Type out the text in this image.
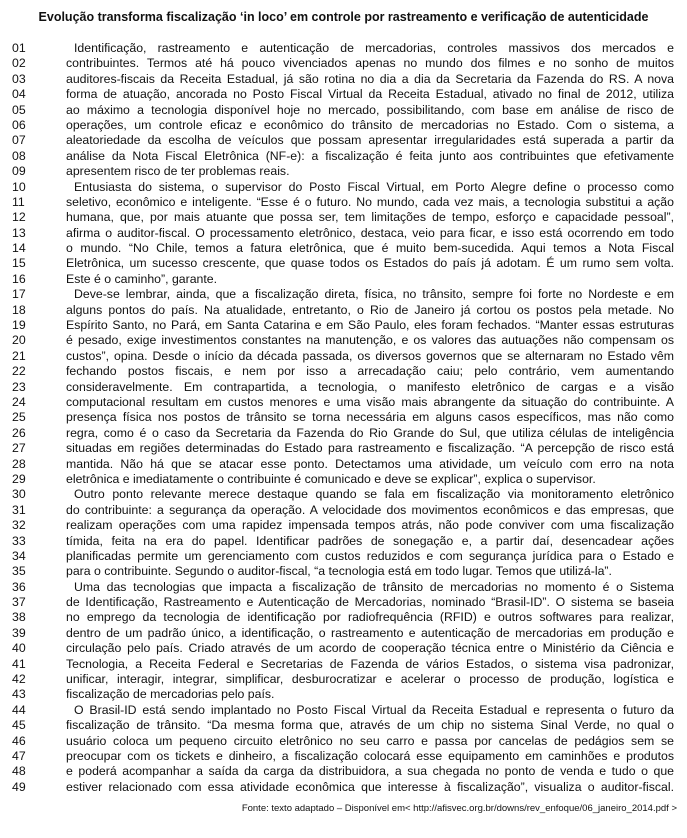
Evolução transforma fiscalização ‘in loco’ em controle por rastreamento e verificação de autenticidade
01	Identificação, rastreamento e autenticação de mercadorias, controles massivos dos mercados e
02	contribuintes. Termos até há pouco vivenciados apenas no mundo dos filmes e no sonho de muitos
03	auditores-fiscais da Receita Estadual, já são rotina no dia a dia da Secretaria da Fazenda do RS. A nova
04	forma de atuação, ancorada no Posto Fiscal Virtual da Receita Estadual, ativado no final de 2012, utiliza
05	ao máximo a tecnologia disponível hoje no mercado, possibilitando, com base em análise de risco de
06	operações, um controle eficaz e econômico do trânsito de mercadorias no Estado. Com o sistema, a
07	aleatoriedade da escolha de veículos que possam apresentar irregularidades está superada a partir da
08	análise da Nota Fiscal Eletrônica (NF-e): a fiscalização é feita junto aos contribuintes que efetivamente
09	apresentem risco de ter problemas reais.
10	Entusiasta do sistema, o supervisor do Posto Fiscal Virtual, em Porto Alegre define o processo como
11	seletivo, econômico e inteligente. “Esse é o futuro. No mundo, cada vez mais, a tecnologia substitui a ação
12	humana, que, por mais atuante que possa ser, tem limitações de tempo, esforço e capacidade pessoal”,
13	afirma o auditor-fiscal. O processamento eletrônico, destaca, veio para ficar, e isso está ocorrendo em todo
14	o mundo. “No Chile, temos a fatura eletrônica, que é muito bem-sucedida. Aqui temos a Nota Fiscal
15	Eletrônica, um sucesso crescente, que quase todos os Estados do país já adotam. É um rumo sem volta.
16	Este é o caminho”, garante.
17	Deve-se lembrar, ainda, que a fiscalização direta, física, no trânsito, sempre foi forte no Nordeste e em
18	alguns pontos do país. Na atualidade, entretanto, o Rio de Janeiro já cortou os postos pela metade. No
19	Espírito Santo, no Pará, em Santa Catarina e em São Paulo, eles foram fechados. “Manter essas estruturas
20	é pesado, exige investimentos constantes na manutenção, e os valores das autuações não compensam os
21	custos”, opina. Desde o início da década passada, os diversos governos que se alternaram no Estado vêm
22	fechando postos fiscais, e nem por isso a arrecadação caiu; pelo contrário, vem aumentando
23	consideravelmente. Em contrapartida, a tecnologia, o manifesto eletrônico de cargas e a visão
24	computacional resultam em custos menores e uma visão mais abrangente da situação do contribuinte. A
25	presença física nos postos de trânsito se torna necessária em alguns casos específicos, mas não como
26	regra, como é o caso da Secretaria da Fazenda do Rio Grande do Sul, que utiliza células de inteligência
27	situadas em regiões determinadas do Estado para rastreamento e fiscalização. “A percepção de risco está
28	mantida. Não há que se atacar esse ponto. Detectamos uma atividade, um veículo com erro na nota
29	eletrônica e imediatamente o contribuinte é comunicado e deve se explicar”, explica o supervisor.
30	Outro ponto relevante merece destaque quando se fala em fiscalização via monitoramento eletrônico
31	do contribuinte: a segurança da operação. A velocidade dos movimentos econômicos e das empresas, que
32	realizam operações com uma rapidez impensada tempos atrás, não pode conviver com uma fiscalização
33	tímida, feita na era do papel. Identificar padrões de sonegação e, a partir daí, desencadear ações
34	planificadas permite um gerenciamento com custos reduzidos e com segurança jurídica para o Estado e
35	para o contribuinte. Segundo o auditor-fiscal, “a tecnologia está em todo lugar. Temos que utilizá-la”.
36	Uma das tecnologias que impacta a fiscalização de trânsito de mercadorias no momento é o Sistema
37	de Identificação, Rastreamento e Autenticação de Mercadorias, nominado “Brasil-ID”. O sistema se baseia
38	no emprego da tecnologia de identificação por radiofrequência (RFID) e outros softwares para realizar,
39	dentro de um padrão único, a identificação, o rastreamento e autenticação de mercadorias em produção e
40	circulação pelo país. Criado através de um acordo de cooperação técnica entre o Ministério da Ciência e
41	Tecnologia, a Receita Federal e Secretarias de Fazenda de vários Estados, o sistema visa padronizar,
42	unificar, interagir, integrar, simplificar, desburocratizar e acelerar o processo de produção, logística e
43	fiscalização de mercadorias pelo país.
44	O Brasil-ID está sendo implantado no Posto Fiscal Virtual da Receita Estadual e representa o futuro da
45	fiscalização de trânsito. “Da mesma forma que, através de um chip no sistema Sinal Verde, no qual o
46	usuário coloca um pequeno circuito eletrônico no seu carro e passa por cancelas de pedágios sem se
47	preocupar com os tickets e dinheiro, a fiscalização colocará esse equipamento em caminhões e produtos
48	e poderá acompanhar a saída da carga da distribuidora, a sua chegada no ponto de venda e tudo o que
49	estiver relacionado com essa atividade econômica que interesse à fiscalização”, visualiza o auditor-fiscal.
Fonte: texto adaptado – Disponível em< http://afisvec.org.br/downs/rev_enfoque/06_janeiro_2014.pdf >
